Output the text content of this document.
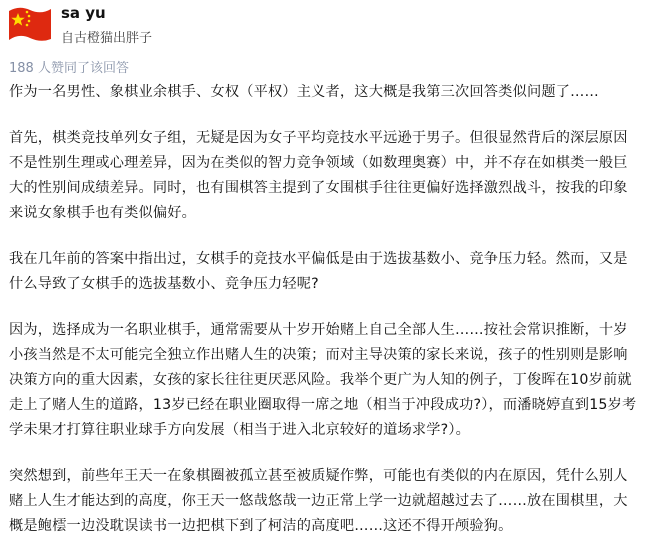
sa yu
自古橙猫出胖子
188 人赞同了该回答

作为一名男性、象棋业余棋手、女权（平权）主义者，这大概是我第三次回答类似问题了……

首先，棋类竞技单列女子组，无疑是因为女子平均竞技水平远逊于男子。但很显然背后的深层原因不是性别生理或心理差异，因为在类似的智力竞争领域（如数理奥赛）中，并不存在如棋类一般巨大的性别间成绩差异。同时，也有围棋答主提到了女围棋手往往更偏好选择激烈战斗，按我的印象来说女象棋手也有类似偏好。

我在几年前的答案中指出过，女棋手的竞技水平偏低是由于选拔基数小、竞争压力轻。然而，又是什么导致了女棋手的选拔基数小、竞争压力轻呢?

因为，选择成为一名职业棋手，通常需要从十岁开始赌上自己全部人生……按社会常识推断，十岁小孩当然是不太可能完全独立作出赌人生的决策；而对主导决策的家长来说，孩子的性别则是影响决策方向的重大因素，女孩的家长往往更厌恶风险。我举个更广为人知的例子，丁俊晖在10岁前就走上了赌人生的道路，13岁已经在职业圈取得一席之地（相当于冲段成功?），而潘晓婷直到15岁考学未果才打算往职业球手方向发展（相当于进入北京较好的道场求学?）。

突然想到，前些年王天一在象棋圈被孤立甚至被质疑作弊，可能也有类似的内在原因，凭什么别人赌上人生才能达到的高度，你王天一悠哉悠哉一边正常上学一边就超越过去了……放在围棋里，大概是鲍橒一边没耽误读书一边把棋下到了柯洁的高度吧……这还不得开颅验狗。
